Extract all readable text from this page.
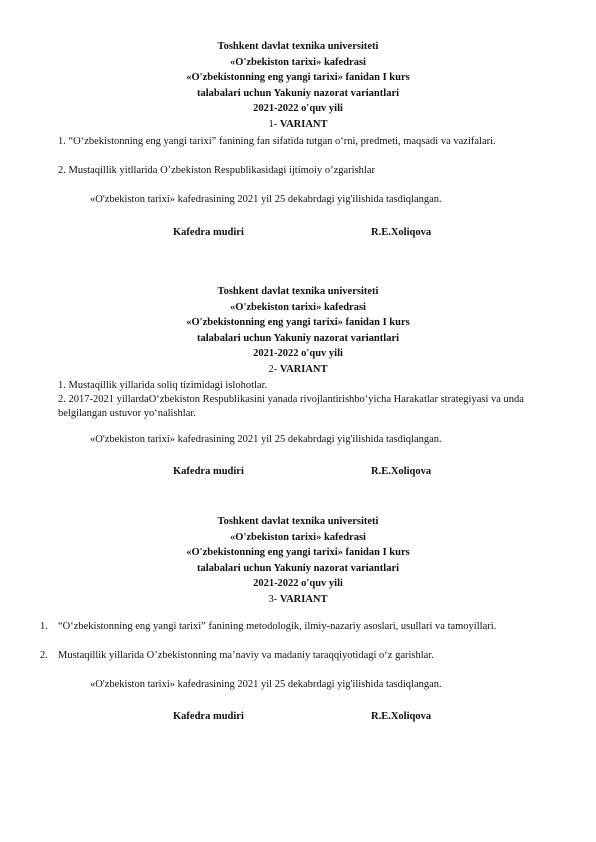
Toshkent davlat texnika universiteti
«O'zbekiston tarixi» kafedrasi
«O'zbekistonning eng yangi tarixi» fanidan I kurs
talabalari uchun Yakuniy nazorat variantlari
2021-2022 o'quv yili
1- VARIANT
1. “O‘zbekistonning eng yangi tarixi” fanining fan sifatida tutgan o‘rni, predmeti, maqsadi va vazifalari.
2. Mustaqillik yitllarida O’zbekiston Respublikasidagi ijtimoiy o’zgarishlar
«O'zbekiston tarixi» kafedrasining 2021 yil 25 dekabrdagi yig'ilishida tasdiqlangan.
Kafedra mudiri	R.E.Xoliqova
Toshkent davlat texnika universiteti
«O'zbekiston tarixi» kafedrasi
«O'zbekistonning eng yangi tarixi» fanidan I kurs
talabalari uchun Yakuniy nazorat variantlari
2021-2022 o'quv yili
2- VARIANT
1. Mustaqillik yillarida soliq tizimidagi islohotlar.
2. 2017-2021 yillardaO‘zbekiston Respublikasini yanada rivojlantirishbo‘yicha Harakatlar strategiyasi va unda belgilangan ustuvor yo‘nalishlar.
«O'zbekiston tarixi» kafedrasining 2021 yil 25 dekabrdagi yig'ilishida tasdiqlangan.
Kafedra mudiri	R.E.Xoliqova
Toshkent davlat texnika universiteti
«O'zbekiston tarixi» kafedrasi
«O'zbekistonning eng yangi tarixi» fanidan I kurs
talabalari uchun Yakuniy nazorat variantlari
2021-2022 o'quv yili
3- VARIANT
1. “O‘zbekistonning eng yangi tarixi” fanining metodologik, ilmiy-nazariy asoslari, usullari va tamoyillari.
2. Mustaqillik yillarida O’zbekistonning ma’naviy va madaniy taraqqiyotidagi o‘z garishlar.
«O'zbekiston tarixi» kafedrasining 2021 yil 25 dekabrdagi yig'ilishida tasdiqlangan.
Kafedra mudiri	R.E.Xoliqova
